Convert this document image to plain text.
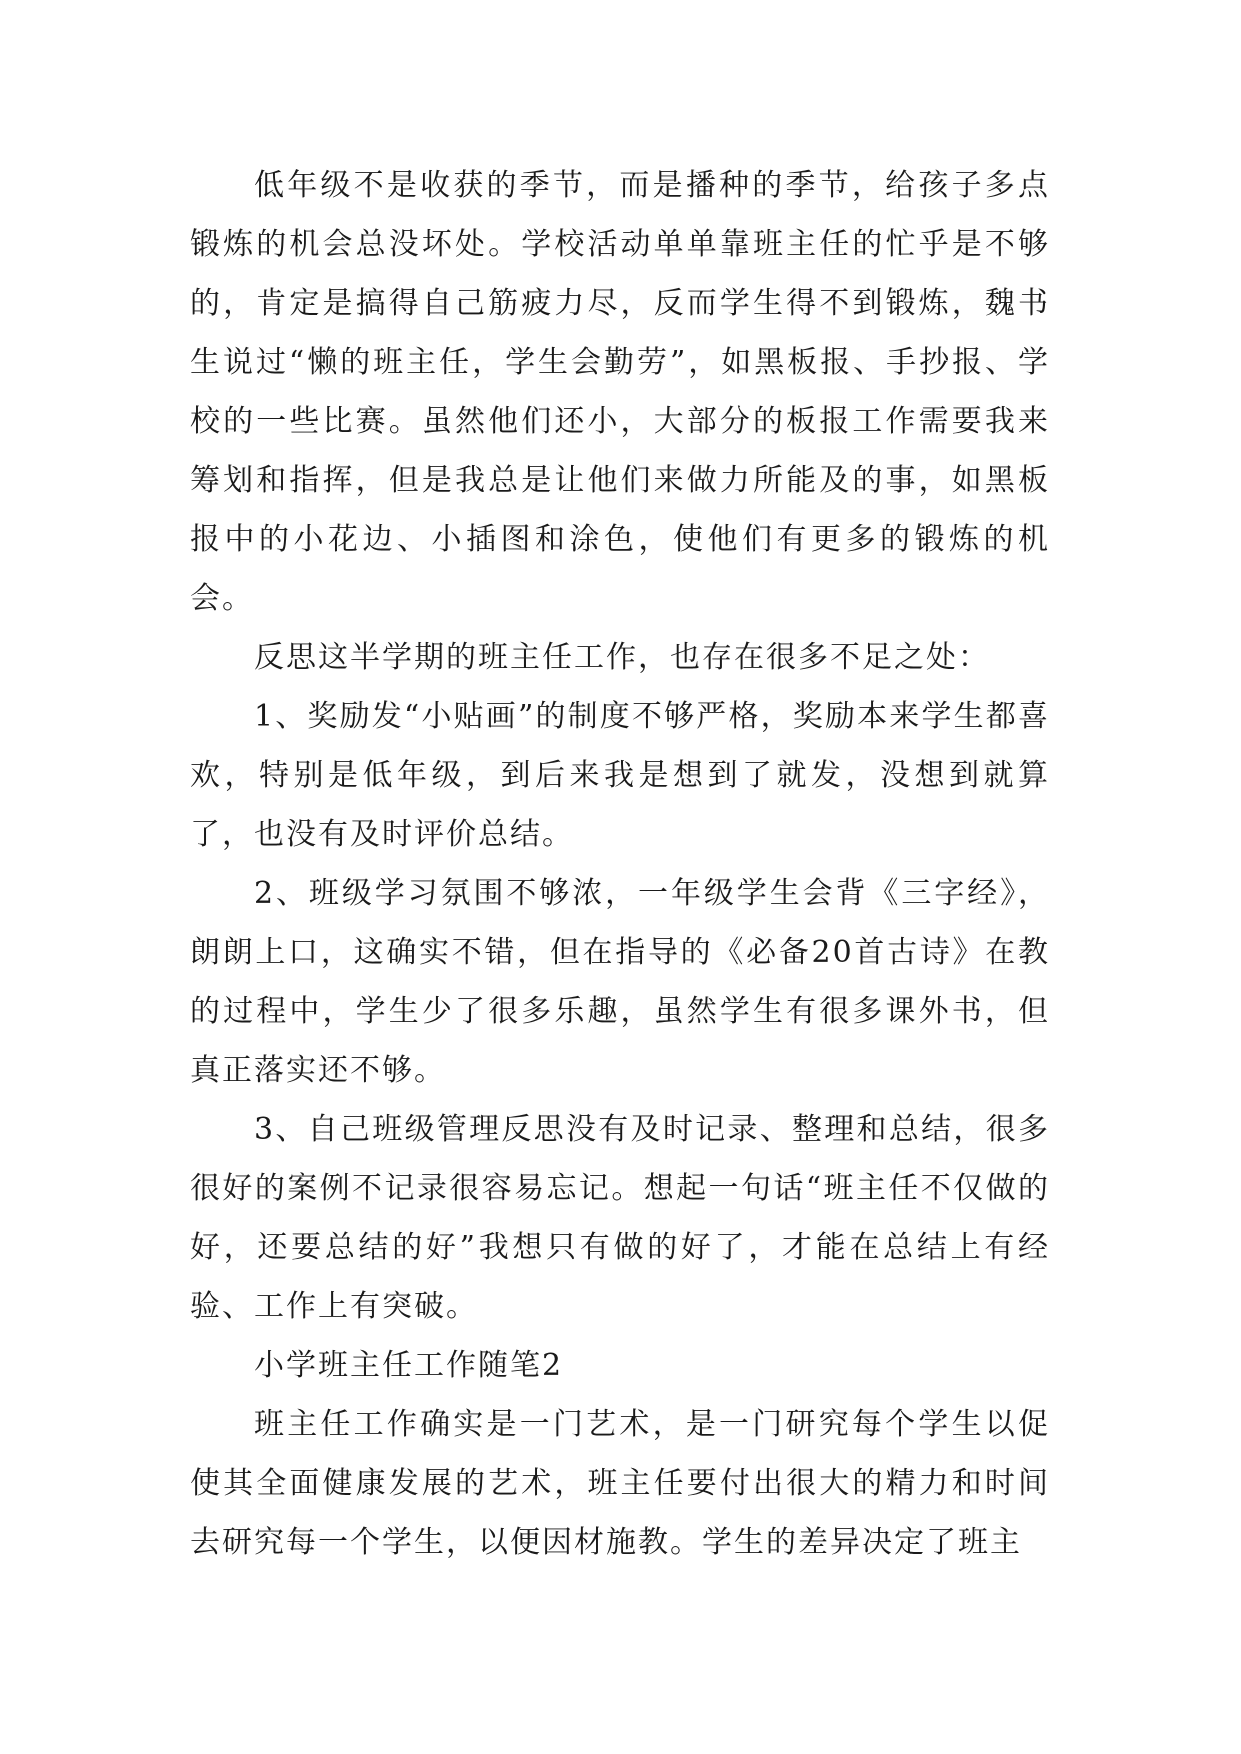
低年级不是收获的季节，而是播种的季节，给孩子多点锻炼的机会总没坏处。学校活动单单靠班主任的忙乎是不够的，肯定是搞得自己筋疲力尽，反而学生得不到锻炼，魏书生说过“懒的班主任，学生会勤劳”，如黑板报、手抄报、学校的一些比赛。虽然他们还小，大部分的板报工作需要我来筹划和指挥，但是我总是让他们来做力所能及的事，如黑板报中的小花边、小插图和涂色，使他们有更多的锻炼的机会。

反思这半学期的班主任工作，也存在很多不足之处：

1、奖励发“小贴画”的制度不够严格，奖励本来学生都喜欢，特别是低年级，到后来我是想到了就发，没想到就算了，也没有及时评价总结。

2、班级学习氛围不够浓，一年级学生会背《三字经》，朗朗上口，这确实不错，但在指导的《必备20首古诗》在教的过程中，学生少了很多乐趣，虽然学生有很多课外书，但真正落实还不够。

3、自己班级管理反思没有及时记录、整理和总结，很多很好的案例不记录很容易忘记。想起一句话“班主任不仅做的好，还要总结的好”我想只有做的好了，才能在总结上有经验、工作上有突破。

小学班主任工作随笔2

班主任工作确实是一门艺术，是一门研究每个学生以促使其全面健康发展的艺术，班主任要付出很大的精力和时间去研究每一个学生，以便因材施教。学生的差异决定了班主
